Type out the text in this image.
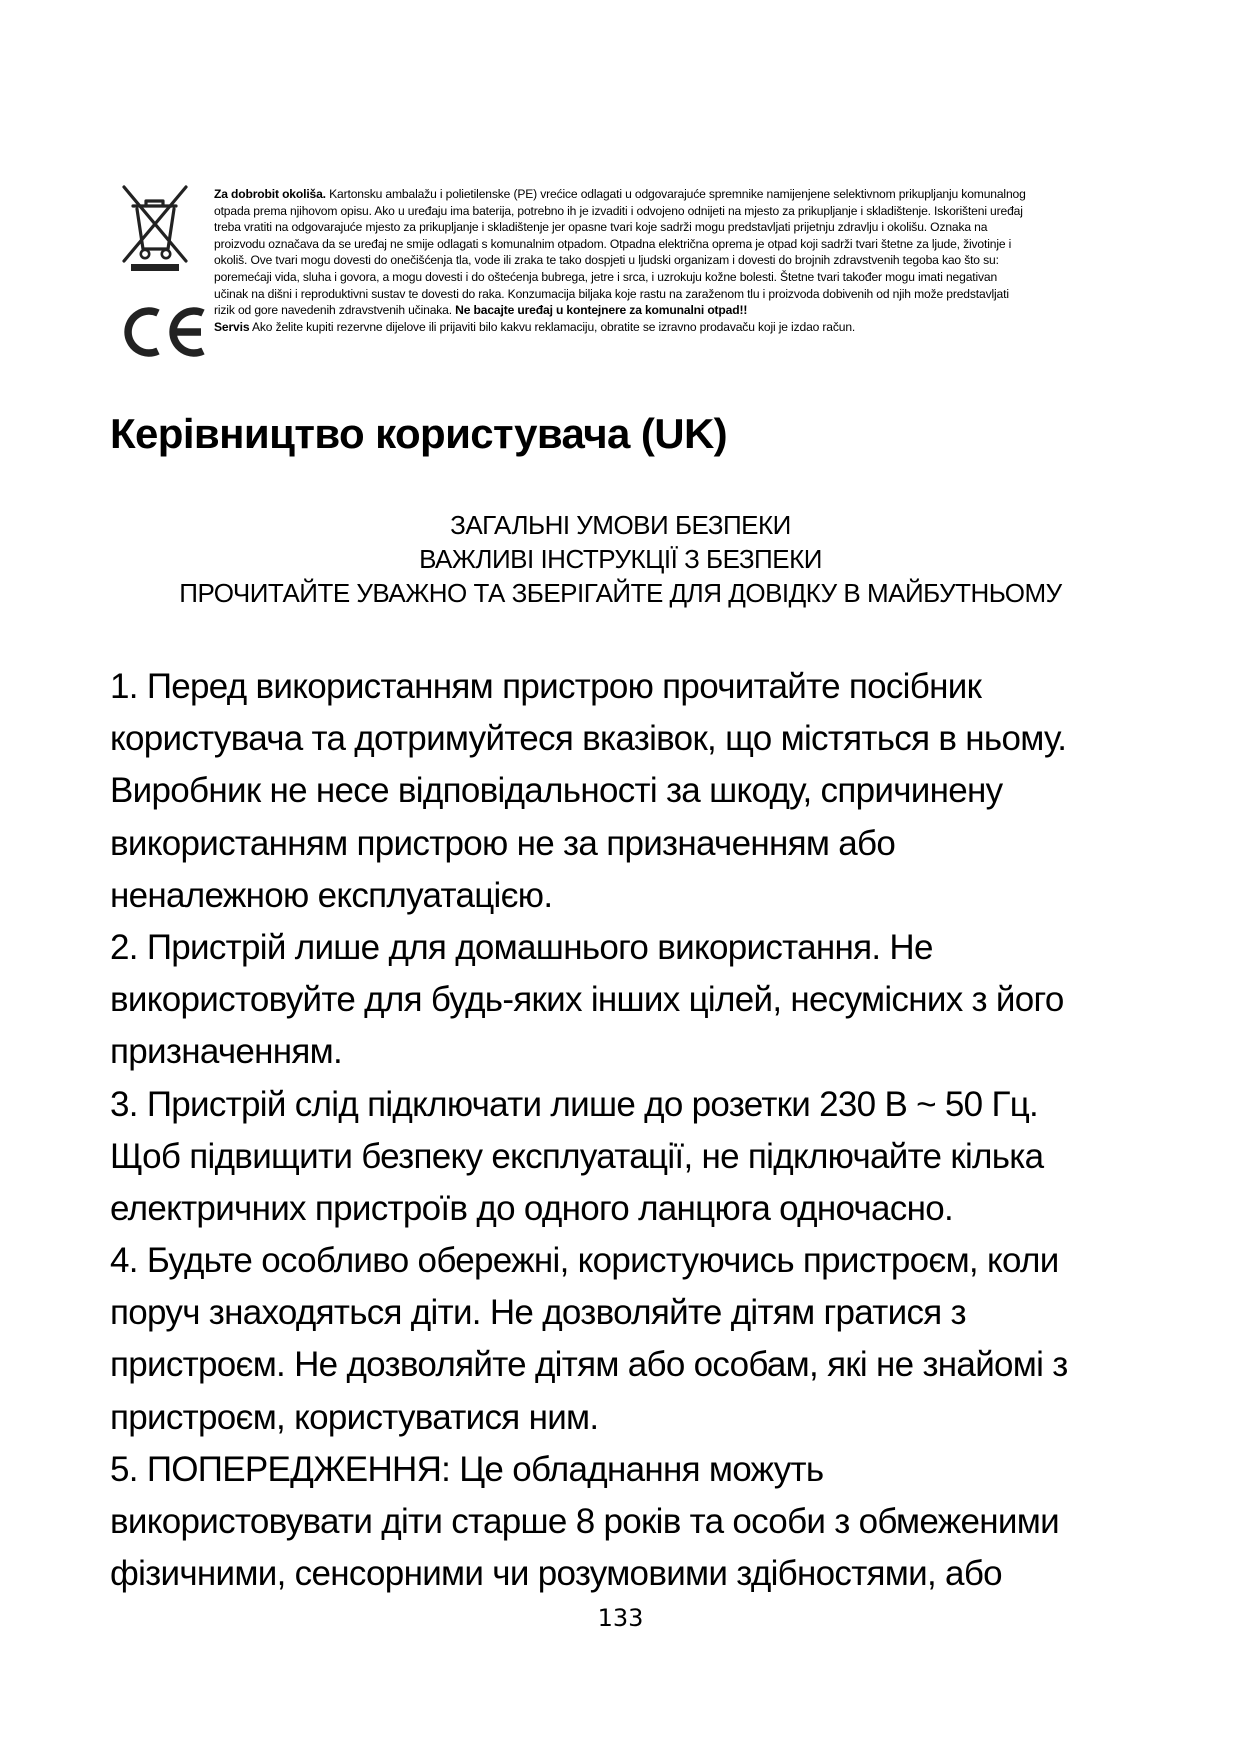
Za dobrobit okoliša. Kartonsku ambalažu i polietilenske (PE) vrećice odlagati u odgovarajuće spremnike namijenjene selektivnom prikupljanju komunalnog
otpada prema njihovom opisu. Ako u uređaju ima baterija, potrebno ih je izvaditi i odvojeno odnijeti na mjesto za prikupljanje i skladištenje. Iskorišteni uređaj
treba vratiti na odgovarajuće mjesto za prikupljanje i skladištenje jer opasne tvari koje sadrži mogu predstavljati prijetnju zdravlju i okolišu. Oznaka na
proizvodu označava da se uređaj ne smije odlagati s komunalnim otpadom. Otpadna električna oprema je otpad koji sadrži tvari štetne za ljude, životinje i
okoliš. Ove tvari mogu dovesti do onečišćenja tla, vode ili zraka te tako dospjeti u ljudski organizam i dovesti do brojnih zdravstvenih tegoba kao što su:
poremećaji vida, sluha i govora, a mogu dovesti i do oštećenja bubrega, jetre i srca, i uzrokuju kožne bolesti. Štetne tvari također mogu imati negativan
učinak na dišni i reproduktivni sustav te dovesti do raka. Konzumacija biljaka koje rastu na zaraženom tlu i proizvoda dobivenih od njih može predstavljati
rizik od gore navedenih zdravstvenih učinaka. Ne bacajte uređaj u kontejnere za komunalni otpad!!
Servis Ako želite kupiti rezervne dijelove ili prijaviti bilo kakvu reklamaciju, obratite se izravno prodavaču koji je izdao račun.
Керівництво користувача (UK)
ЗАГАЛЬНІ УМОВИ БЕЗПЕКИ
ВАЖЛИВІ ІНСТРУКЦІЇ З БЕЗПЕКИ
ПРОЧИТАЙТЕ УВАЖНО ТА ЗБЕРІГАЙТЕ ДЛЯ ДОВІДКУ В МАЙБУТНЬОМУ
1. Перед використанням пристрою прочитайте посібник
користувача та дотримуйтеся вказівок, що містяться в ньому.
Виробник не несе відповідальності за шкоду, спричинену
використанням пристрою не за призначенням або
неналежною експлуатацією.
2. Пристрій лише для домашнього використання. Не
використовуйте для будь-яких інших цілей, несумісних з його
призначенням.
3. Пристрій слід підключати лише до розетки 230 В ~ 50 Гц.
Щоб підвищити безпеку експлуатації, не підключайте кілька
електричних пристроїв до одного ланцюга одночасно.
4. Будьте особливо обережні, користуючись пристроєм, коли
поруч знаходяться діти. Не дозволяйте дітям гратися з
пристроєм. Не дозволяйте дітям або особам, які не знайомі з
пристроєм, користуватися ним.
5. ПОПЕРЕДЖЕННЯ: Це обладнання можуть
використовувати діти старше 8 років та особи з обмеженими
фізичними, сенсорними чи розумовими здібностями, або
133
